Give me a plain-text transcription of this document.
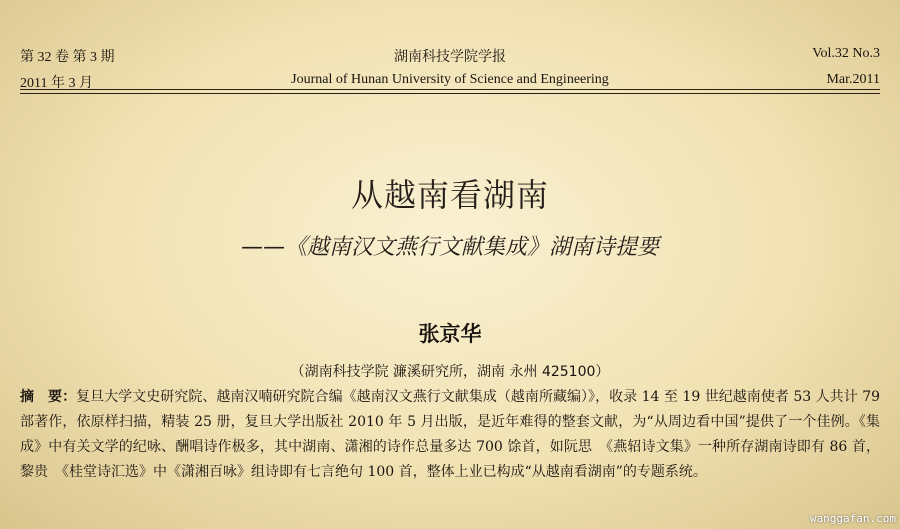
第 32 卷 第 3 期	湖南科技学院学报	Vol.32 No.3
2011 年 3 月	Journal of Hunan University of Science and Engineering	Mar.2011
从越南看湖南
——《越南汉文燕行文献集成》湖南诗提要
张京华
（湖南科技学院 濂溪研究所，湖南 永州 425100）
摘　要：复旦大学文史研究院、越南汉喃研究院合编《越南汉文燕行文献集成（越南所藏编）》，收录 14 至 19 世纪越南使者 53 人共计 79 部著作，依原样扫描，精装 25 册，复旦大学出版社 2010 年 5 月出版，是近年难得的整套文献，为“从周边看中国”提供了一个佳例。《集成》中有关文学的纪咏、酬唱诗作极多，其中湖南、潇湘的诗作总量多达 700 馀首，如阮思　《燕轺诗文集》一种所存湖南诗即有 86 首，黎贵　《桂堂诗汇选》中《潇湘百咏》组诗即有七言绝句 100 首，整体上业已构成“从越南看湖南”的专题系统。
wanggafan.com
